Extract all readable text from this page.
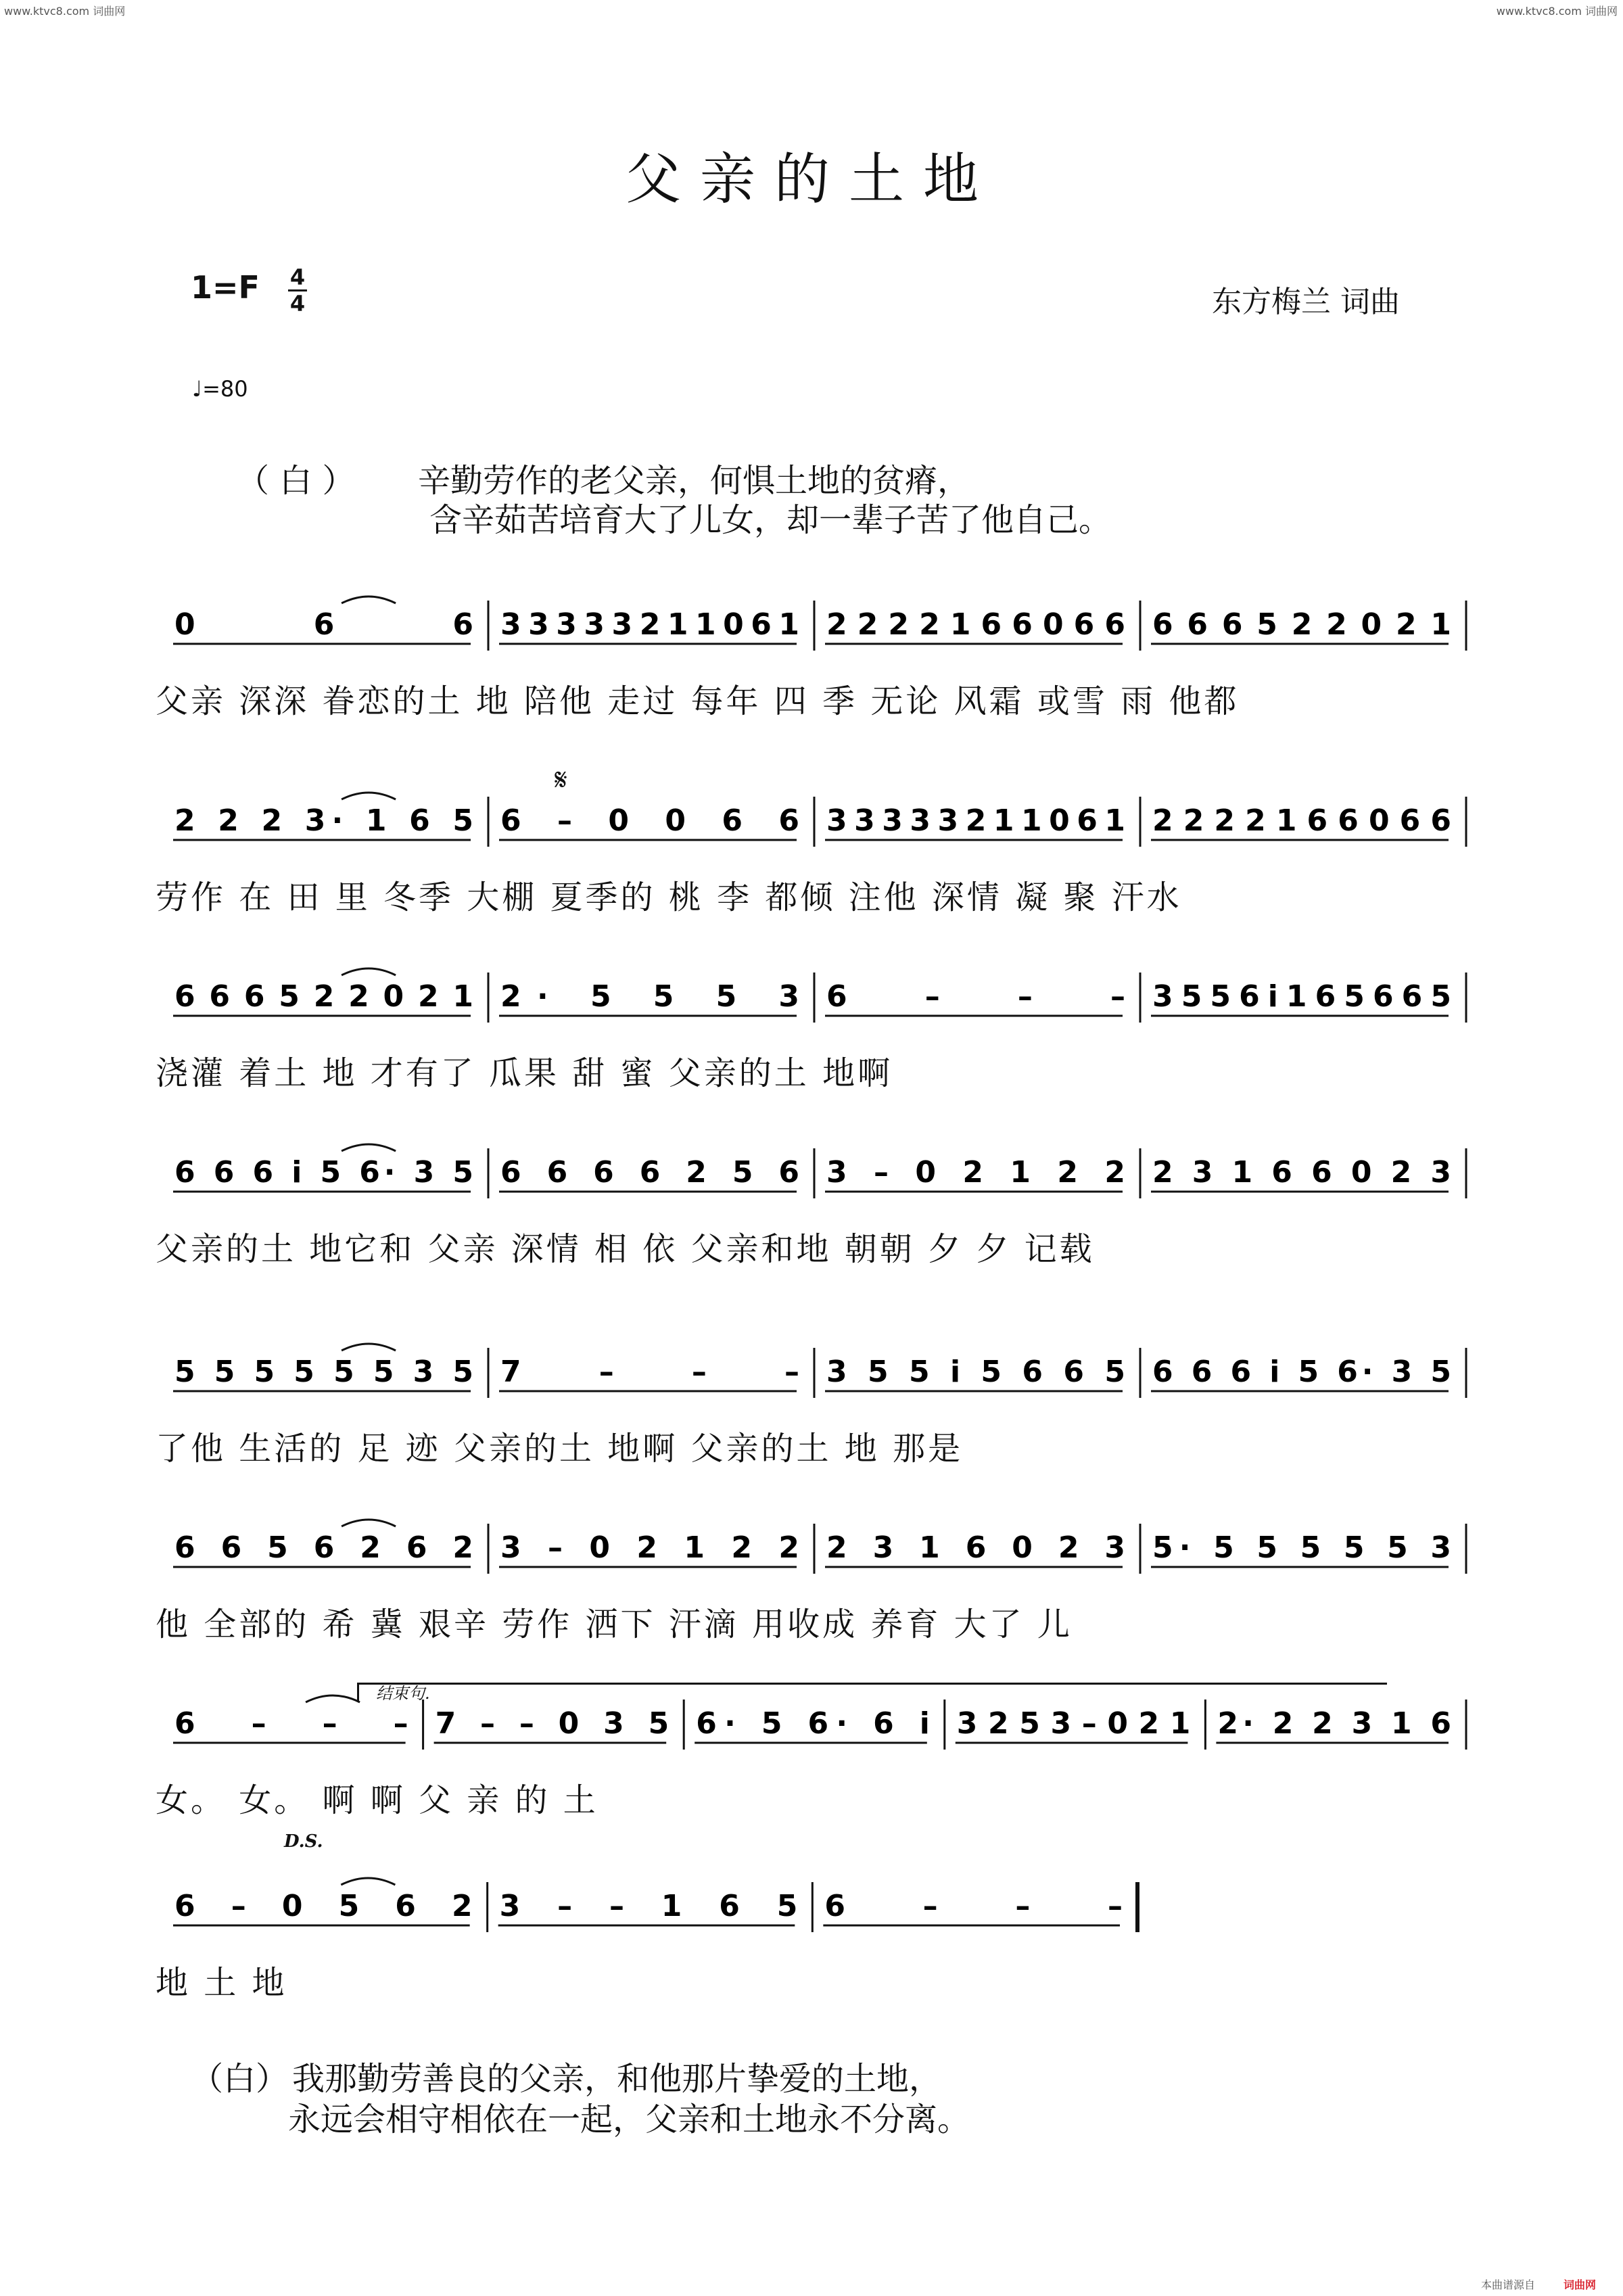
www.ktvc8.com 词曲网	www.ktvc8.com 词曲网
本曲谱源自	词曲网
父亲的土地
1=F 4
4	东方梅兰 词曲
♩=80
（ 白 ） 辛勤劳作的老父亲，何惧土地的贫瘠，
含辛茹苦培育大了儿女，却一辈子苦了他自己。
0 6 6 3 3 3 3 3 2 1 1 0 6 1 2 2 2 2 1 6 6 0 6 6 6 6 6 5 2 2 0 2 1
父亲 深深 眷恋的土 地 陪他 走过 每年 四 季 无论 风霜 或雪 雨 他都
2 2 2 3· 1 6 5 6 – 0 0 6 6 3 3 3 3 3 2 1 1 0 6 1 2 2 2 2 1 6 6 0 6 6
劳作 在 田 里 冬季 大棚 夏季的 桃 李 都倾 注他 深情 凝 聚 汗水
6 6 6 5 2 2 0 2 1 2· 5 5 5 3 6 – – – 3 5 5 6 i 1 6 5 6 6 5
浇灌 着土 地 才有了 瓜果 甜 蜜 父亲的土 地啊
6 6 6 i 5 6· 3 5 6 6 6 6 2 5 6 3 – 0 2 1 2 2 2 3 1 6 6 0 2 3
父亲的土 地它和 父亲 深情 相 依 父亲和地 朝朝 夕 夕 记载
5 5 5 5 5 5 3 5 7 – – – 3 5 5 i 5 6 6 5 6 6 6 i 5 6· 3 5
了他 生活的 足 迹 父亲的土 地啊 父亲的土 地 那是
6 6 5 6 2 6 2 3 – 0 2 1 2 2 2 3 1 6 0 2 3 5· 5 5 5 5 5 3
他 全部的 希 冀 艰辛 劳作 洒下 汗滴 用收成 养育 大了 儿
6 – – – 7 – – 0 3 5 6· 5 6· 6 i 3 2 5 3 – 0 2 1 2· 2 2 3 1 6
女。 女。 啊 啊 父 亲 的 土
6 – 0 5 6 2 3 – – 1 6 5 6 – – –
地 土 地
𝄋
结束句.
D.S.
（白） 我那勤劳善良的父亲，和他那片挚爱的土地，
永远会相守相依在一起，父亲和土地永不分离。
